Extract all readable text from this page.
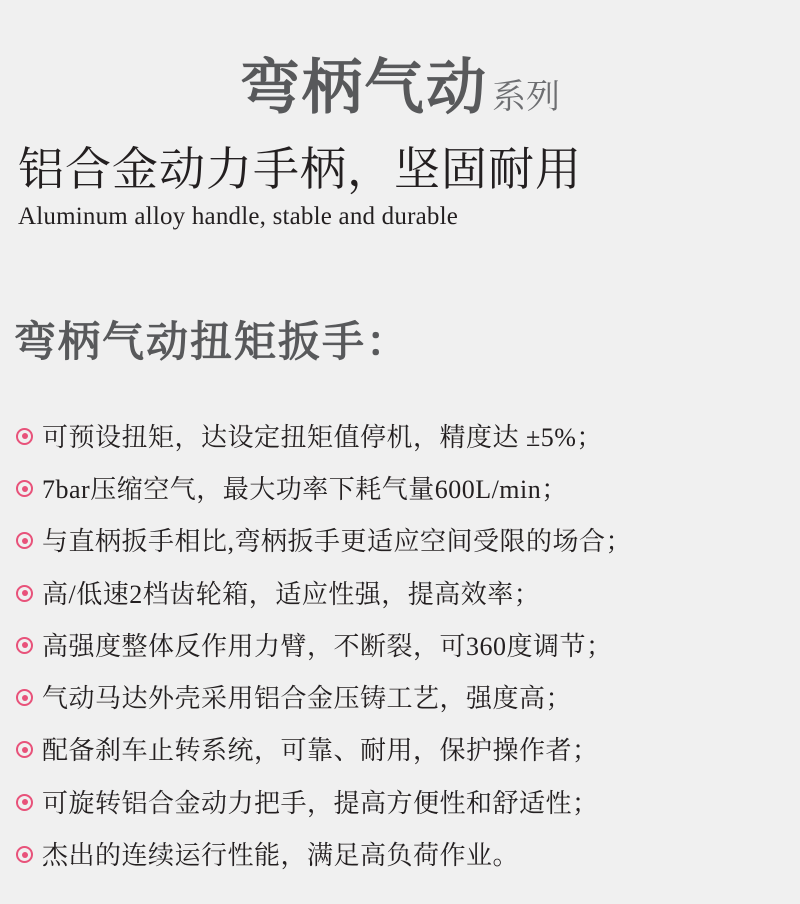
弯柄气动 系列
铝合金动力手柄，坚固耐用
Aluminum alloy handle, stable and durable
弯柄气动扭矩扳手：
可预设扭矩，达设定扭矩值停机，精度达 ±5%；
7bar压缩空气，最大功率下耗气量600L/min；
与直柄扳手相比,弯柄扳手更适应空间受限的场合；
高/低速2档齿轮箱，适应性强，提高效率；
高强度整体反作用力臂，不断裂，可360度调节；
气动马达外壳采用铝合金压铸工艺，强度高；
配备刹车止转系统，可靠、耐用，保护操作者；
可旋转铝合金动力把手，提高方便性和舒适性；
杰出的连续运行性能，满足高负荷作业。
